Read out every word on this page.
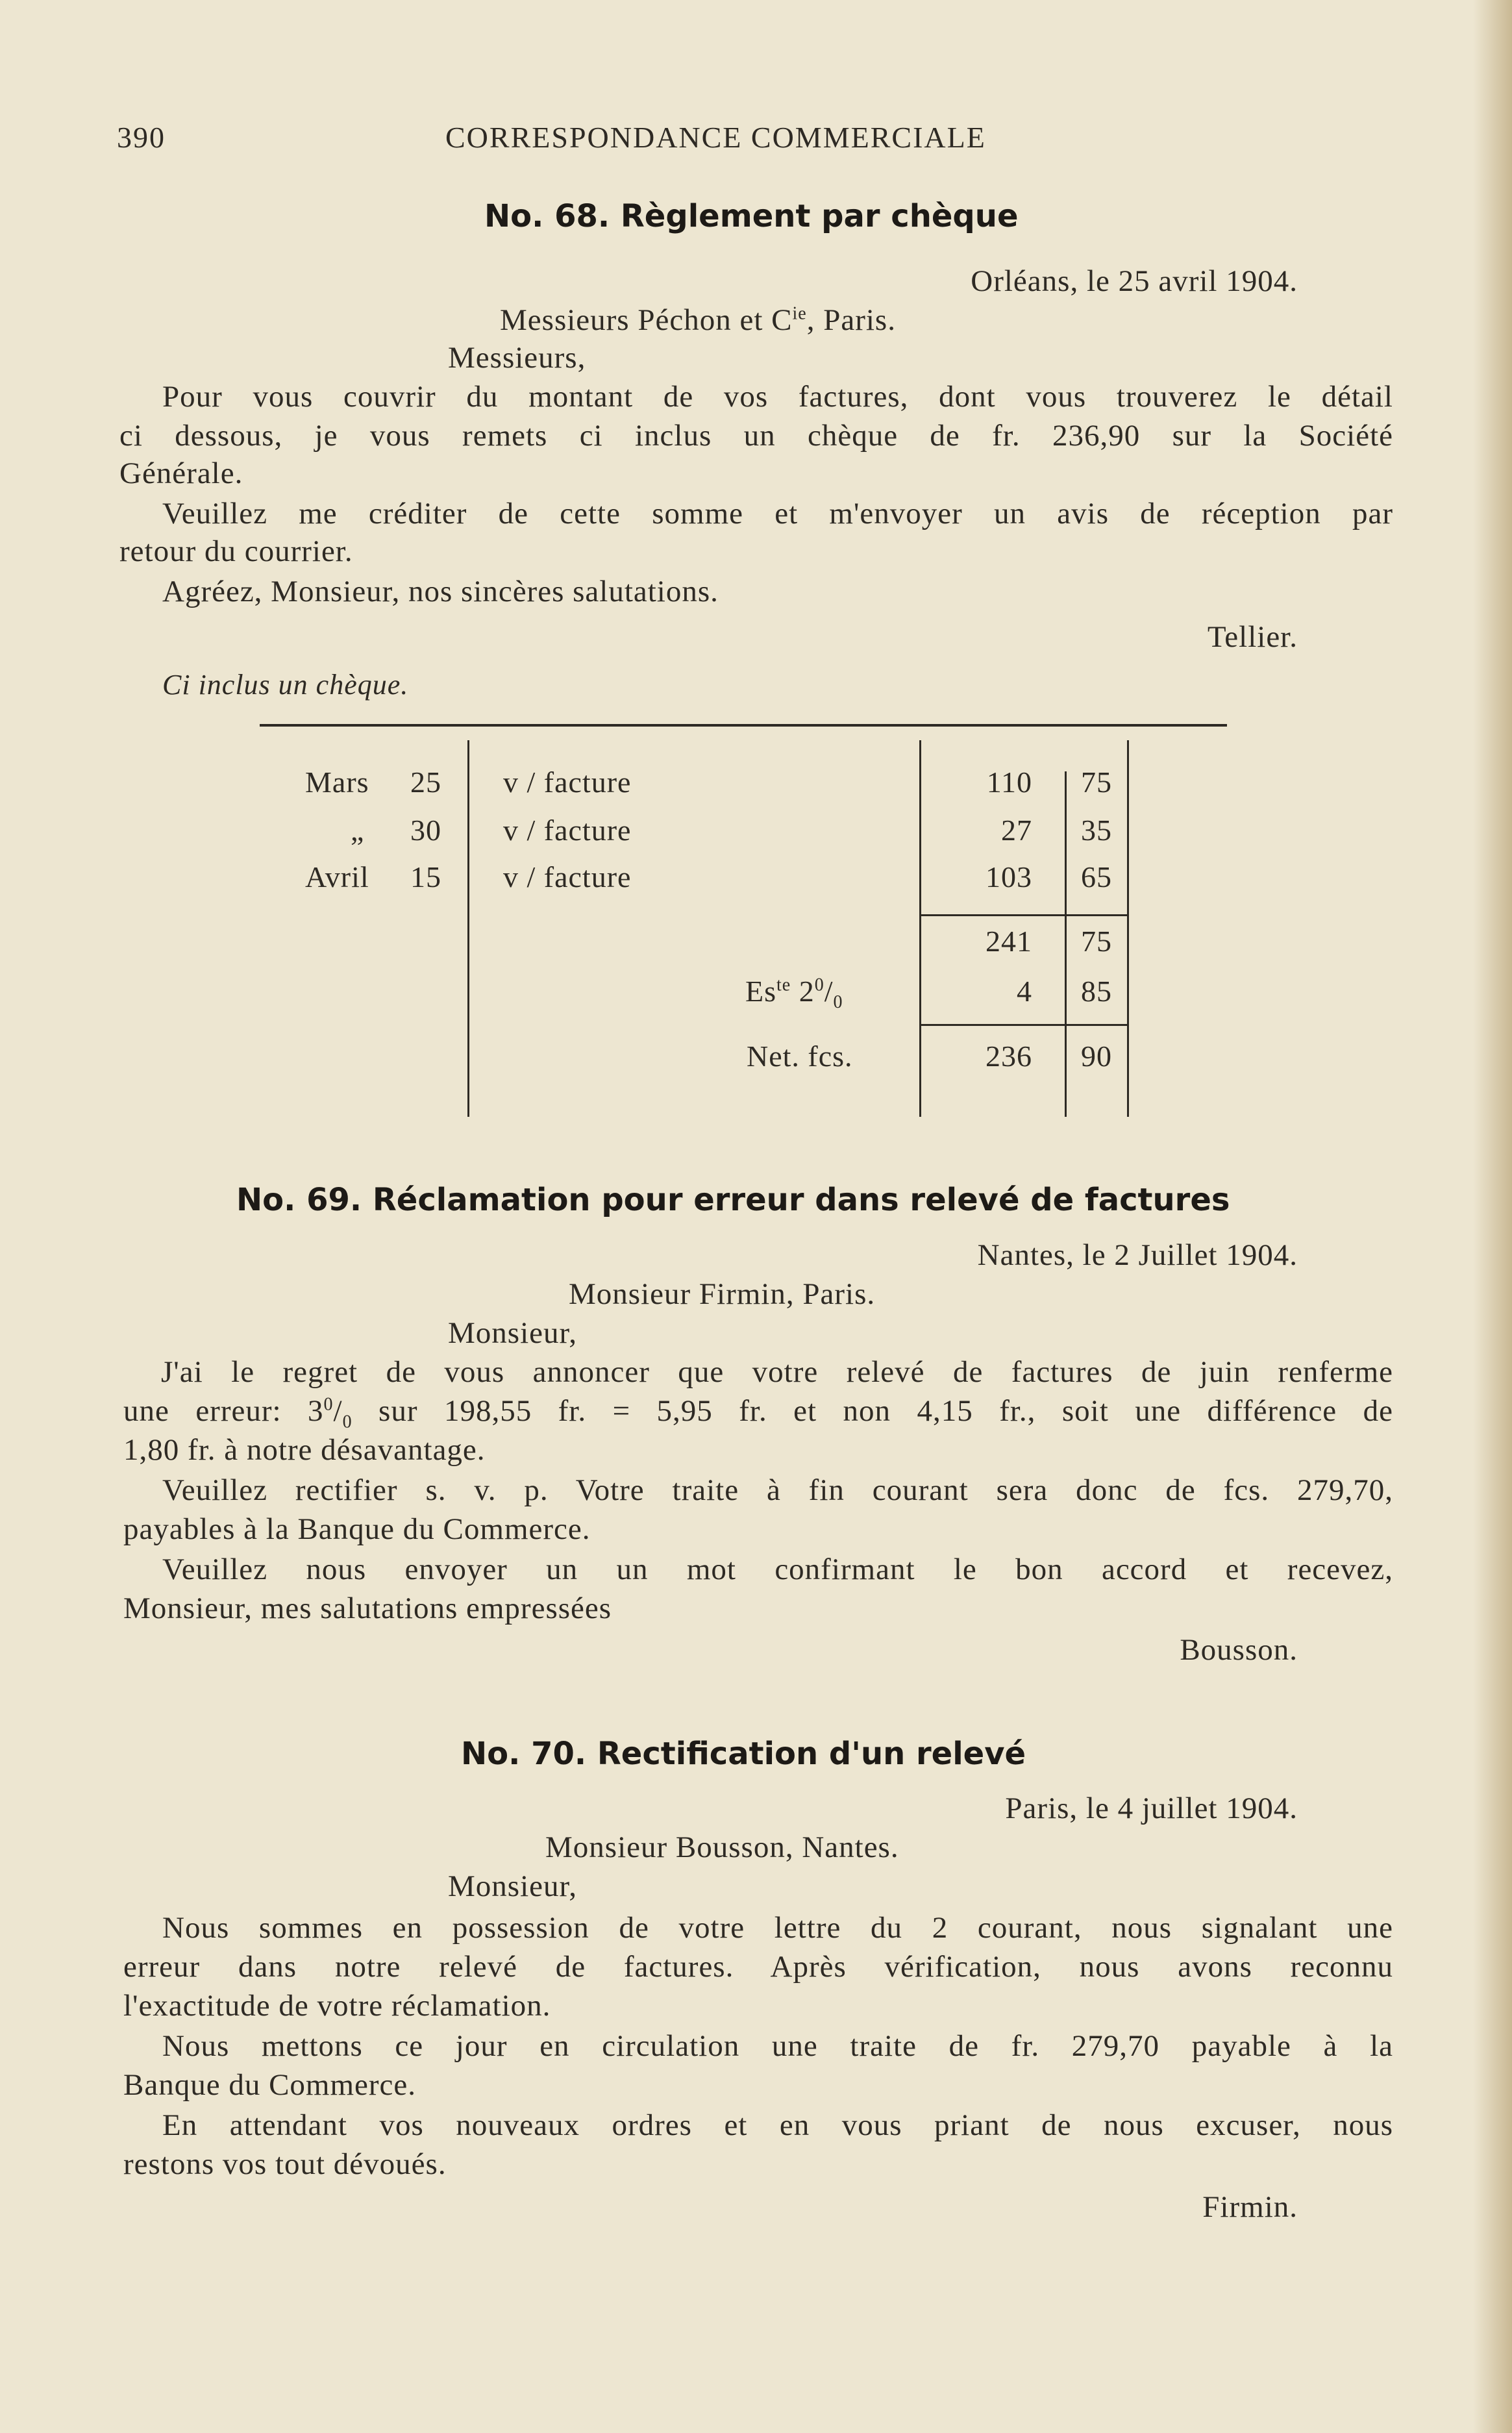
390	CORRESPONDANCE COMMERCIALE
No. 68. Règlement par chèque
Orléans, le 25 avril 1904.
Messieurs Péchon et $C^{ie}$, Paris.
Messieurs,
Pour vous couvrir du montant de vos factures, dont vous trouverez le détail
ci dessous, je vous remets ci inclus un chèque de fr. 236,90 sur la Société
Générale.
Veuillez me créditer de cette somme et m'envoyer un avis de réception par
retour du courrier.
Agréez, Monsieur, nos sincères salutations.
Tellier.
Ci inclus un chèque.
Mars	25 v / facture	110	75
„	30 v / facture	27	35
Avril	15 v / facture	103	65
241	75
$Es^{te}$ $2^0/_0$	4	85
Net. fcs.	236	90
No. 69. Réclamation pour erreur dans relevé de factures
Nantes, le 2 Juillet 1904.
Monsieur Firmin, Paris.
Monsieur,
J'ai le regret de vous annoncer que votre relevé de factures de juin renferme
une erreur: $3^0/_0$ sur 198,55 fr. = 5,95 fr. et non 4,15 fr., soit une différence de
1,80 fr. à notre désavantage.
Veuillez rectifier s. v. p. Votre traite à fin courant sera donc de fcs. 279,70,
payables à la Banque du Commerce.
Veuillez nous envoyer un un mot confirmant le bon accord et recevez,
Monsieur, mes salutations empressées
Bousson.
No. 70. Rectification d'un relevé
Paris, le 4 juillet 1904.
Monsieur Bousson, Nantes.
Monsieur,
Nous sommes en possession de votre lettre du 2 courant, nous signalant une
erreur dans notre relevé de factures. Après vérification, nous avons reconnu
l'exactitude de votre réclamation.
Nous mettons ce jour en circulation une traite de fr. 279,70 payable à la
Banque du Commerce.
En attendant vos nouveaux ordres et en vous priant de nous excuser, nous
restons vos tout dévoués.
Firmin.
